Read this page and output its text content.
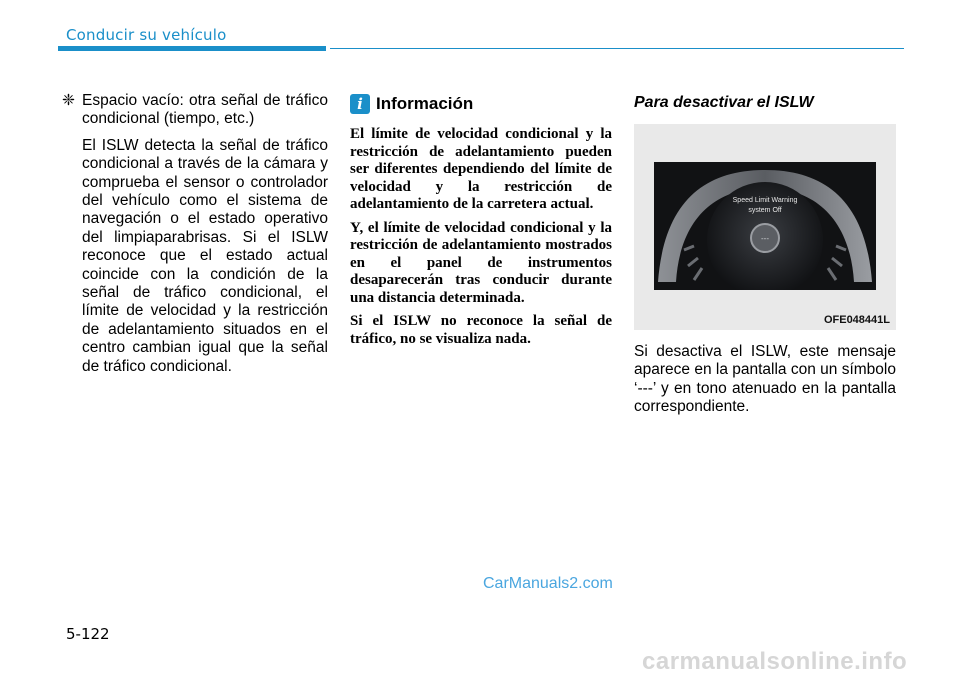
Conducir su vehículo
❈ Espacio vacío: otra señal de tráfico condicional (tiempo, etc.)
El ISLW detecta la señal de tráfico condicional a través de la cámara y comprueba el sensor o controlador del vehículo como el sistema de navegación o el estado operativo del limpiaparabrisas. Si el ISLW reconoce que el estado actual coincide con la condición de la señal de tráfico condicional, el límite de velocidad y la restricción de adelantamiento situados en el centro cambian igual que la señal de tráfico condicional.
i Información
El límite de velocidad condicional y la restricción de adelantamiento pueden ser diferentes dependiendo del límite de velocidad y la restricción de adelantamiento de la carretera actual.
Y, el límite de velocidad condicional y la restricción de adelantamiento mostrados en el panel de instrumentos desaparecerán tras conducir durante una distancia determinada.
Si el ISLW no reconoce la señal de tráfico, no se visualiza nada.
Para desactivar el ISLW
Speed Limit Warning
system Off
---
OFE048441L
Si desactiva el ISLW, este mensaje aparece en la pantalla con un símbolo ‘---’ y en tono atenuado en la pantalla correspondiente.
CarManuals2.com
5-122
carmanualsonline.info
